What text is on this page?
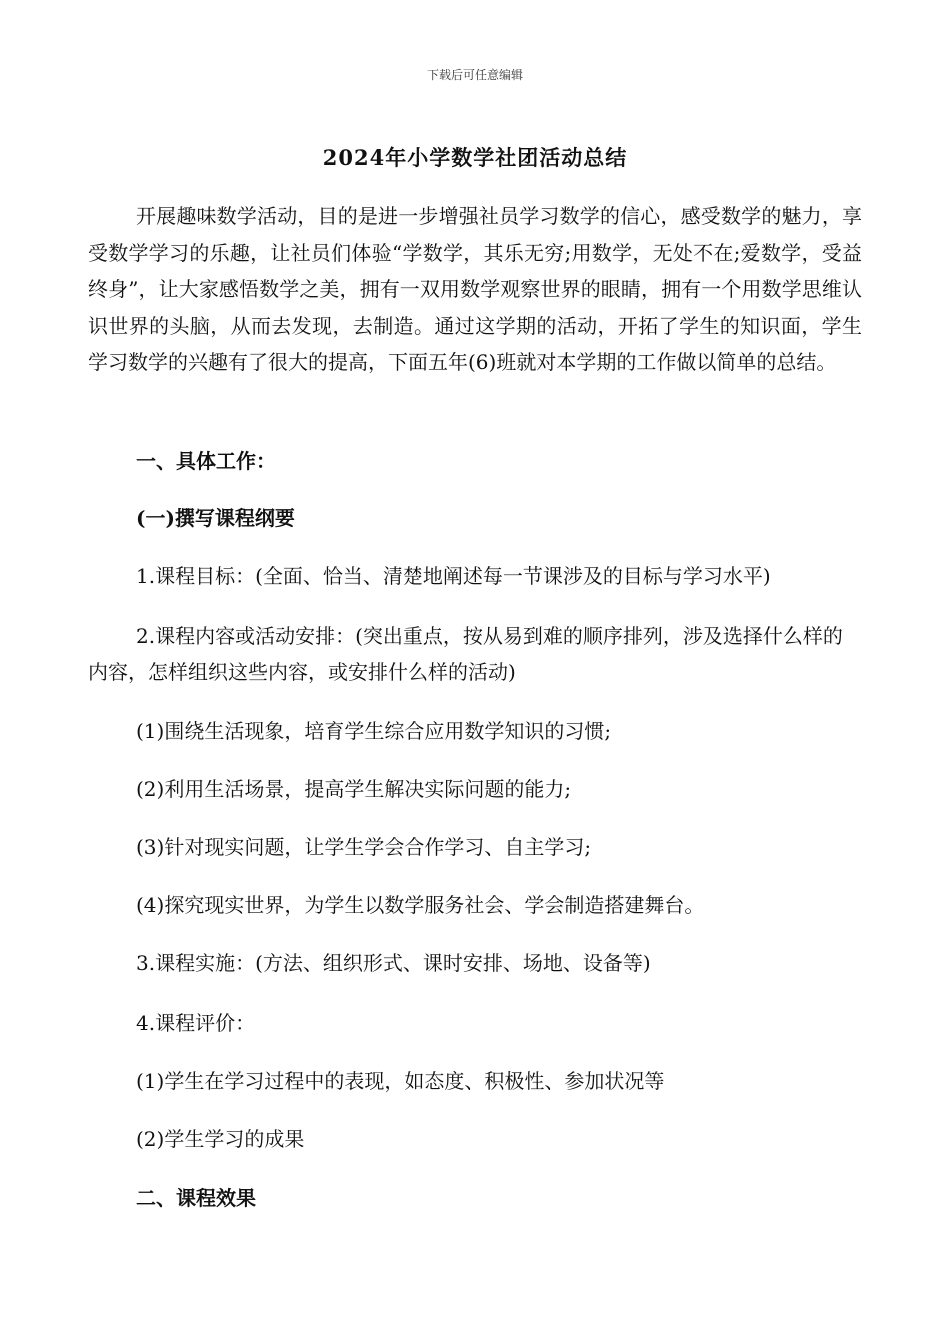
下载后可任意编辑
2024年小学数学社团活动总结

开展趣味数学活动，目的是进一步增强社员学习数学的信心，感受数学的魅力，享受数学学习的乐趣，让社员们体验“学数学，其乐无穷;用数学，无处不在;爱数学，受益终身”，让大家感悟数学之美，拥有一双用数学观察世界的眼睛，拥有一个用数学思维认识世界的头脑，从而去发现，去制造。通过这学期的活动，开拓了学生的知识面，学生学习数学的兴趣有了很大的提高，下面五年(6)班就对本学期的工作做以简单的总结。

一、具体工作：
(一)撰写课程纲要
1.课程目标：(全面、恰当、清楚地阐述每一节课涉及的目标与学习水平)

2.课程内容或活动安排：(突出重点，按从易到难的顺序排列，涉及选择什么样的内容，怎样组织这些内容，或安排什么样的活动)

(1)围绕生活现象，培育学生综合应用数学知识的习惯;
(2)利用生活场景，提高学生解决实际问题的能力;
(3)针对现实问题，让学生学会合作学习、自主学习;
(4)探究现实世界，为学生以数学服务社会、学会制造搭建舞台。
3.课程实施：(方法、组织形式、课时安排、场地、设备等)
4.课程评价：
(1)学生在学习过程中的表现，如态度、积极性、参加状况等
(2)学生学习的成果
二、课程效果
